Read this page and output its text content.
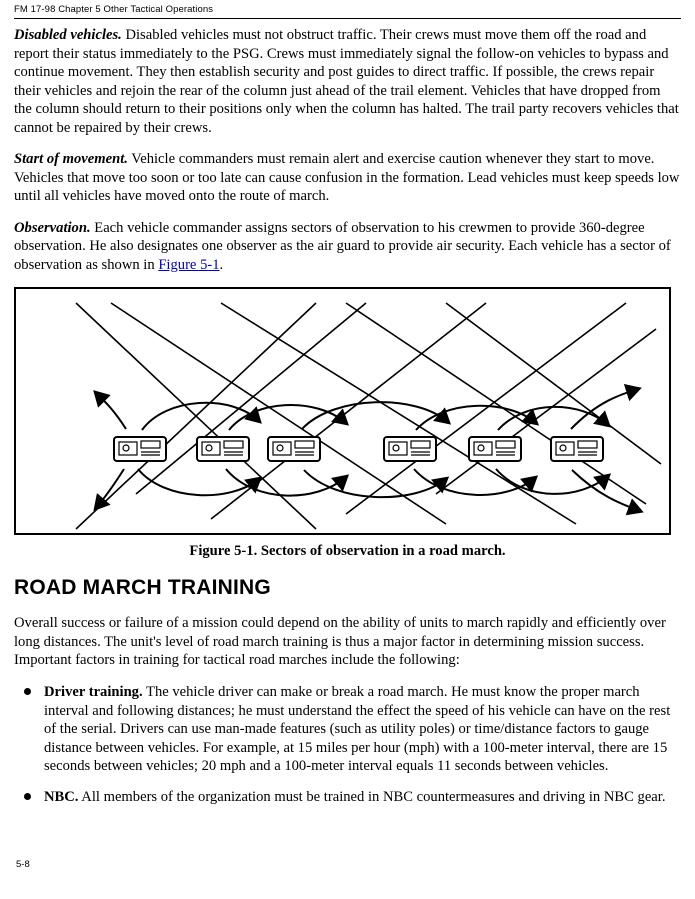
FM 17-98 Chapter 5 Other Tactical Operations

Disabled vehicles. Disabled vehicles must not obstruct traffic. Their crews must move them off the road and report their status immediately to the PSG. Crews must immediately signal the follow-on vehicles to bypass and continue movement. They then establish security and post guides to direct traffic. If possible, the crews repair their vehicles and rejoin the rear of the column just ahead of the trail element. Vehicles that have dropped from the column should return to their positions only when the column has halted. The trail party recovers vehicles that cannot be repaired by their crews.

Start of movement. Vehicle commanders must remain alert and exercise caution whenever they start to move. Vehicles that move too soon or too late can cause confusion in the formation. Lead vehicles must keep speeds low until all vehicles have moved onto the route of march.

Observation. Each vehicle commander assigns sectors of observation to his crewmen to provide 360-degree observation. He also designates one observer as the air guard to provide air security. Each vehicle has a sector of observation as shown in Figure 5-1.

Figure 5-1. Sectors of observation in a road march.
ROAD MARCH TRAINING

Overall success or failure of a mission could depend on the ability of units to march rapidly and efficiently over long distances. The unit's level of road march training is thus a major factor in determining mission success. Important factors in training for tactical road marches include the following:

Driver training. The vehicle driver can make or break a road march. He must know the proper march interval and following distances; he must understand the effect the speed of his vehicle can have on the rest of the serial. Drivers can use man-made features (such as utility poles) or time/distance factors to gauge distance between vehicles. For example, at 15 miles per hour (mph) with a 100-meter interval, there are 15 seconds between vehicles; 20 mph and a 100-meter interval equals 11 seconds between vehicles.
NBC. All members of the organization must be trained in NBC countermeasures and driving in NBC gear.
5-8
